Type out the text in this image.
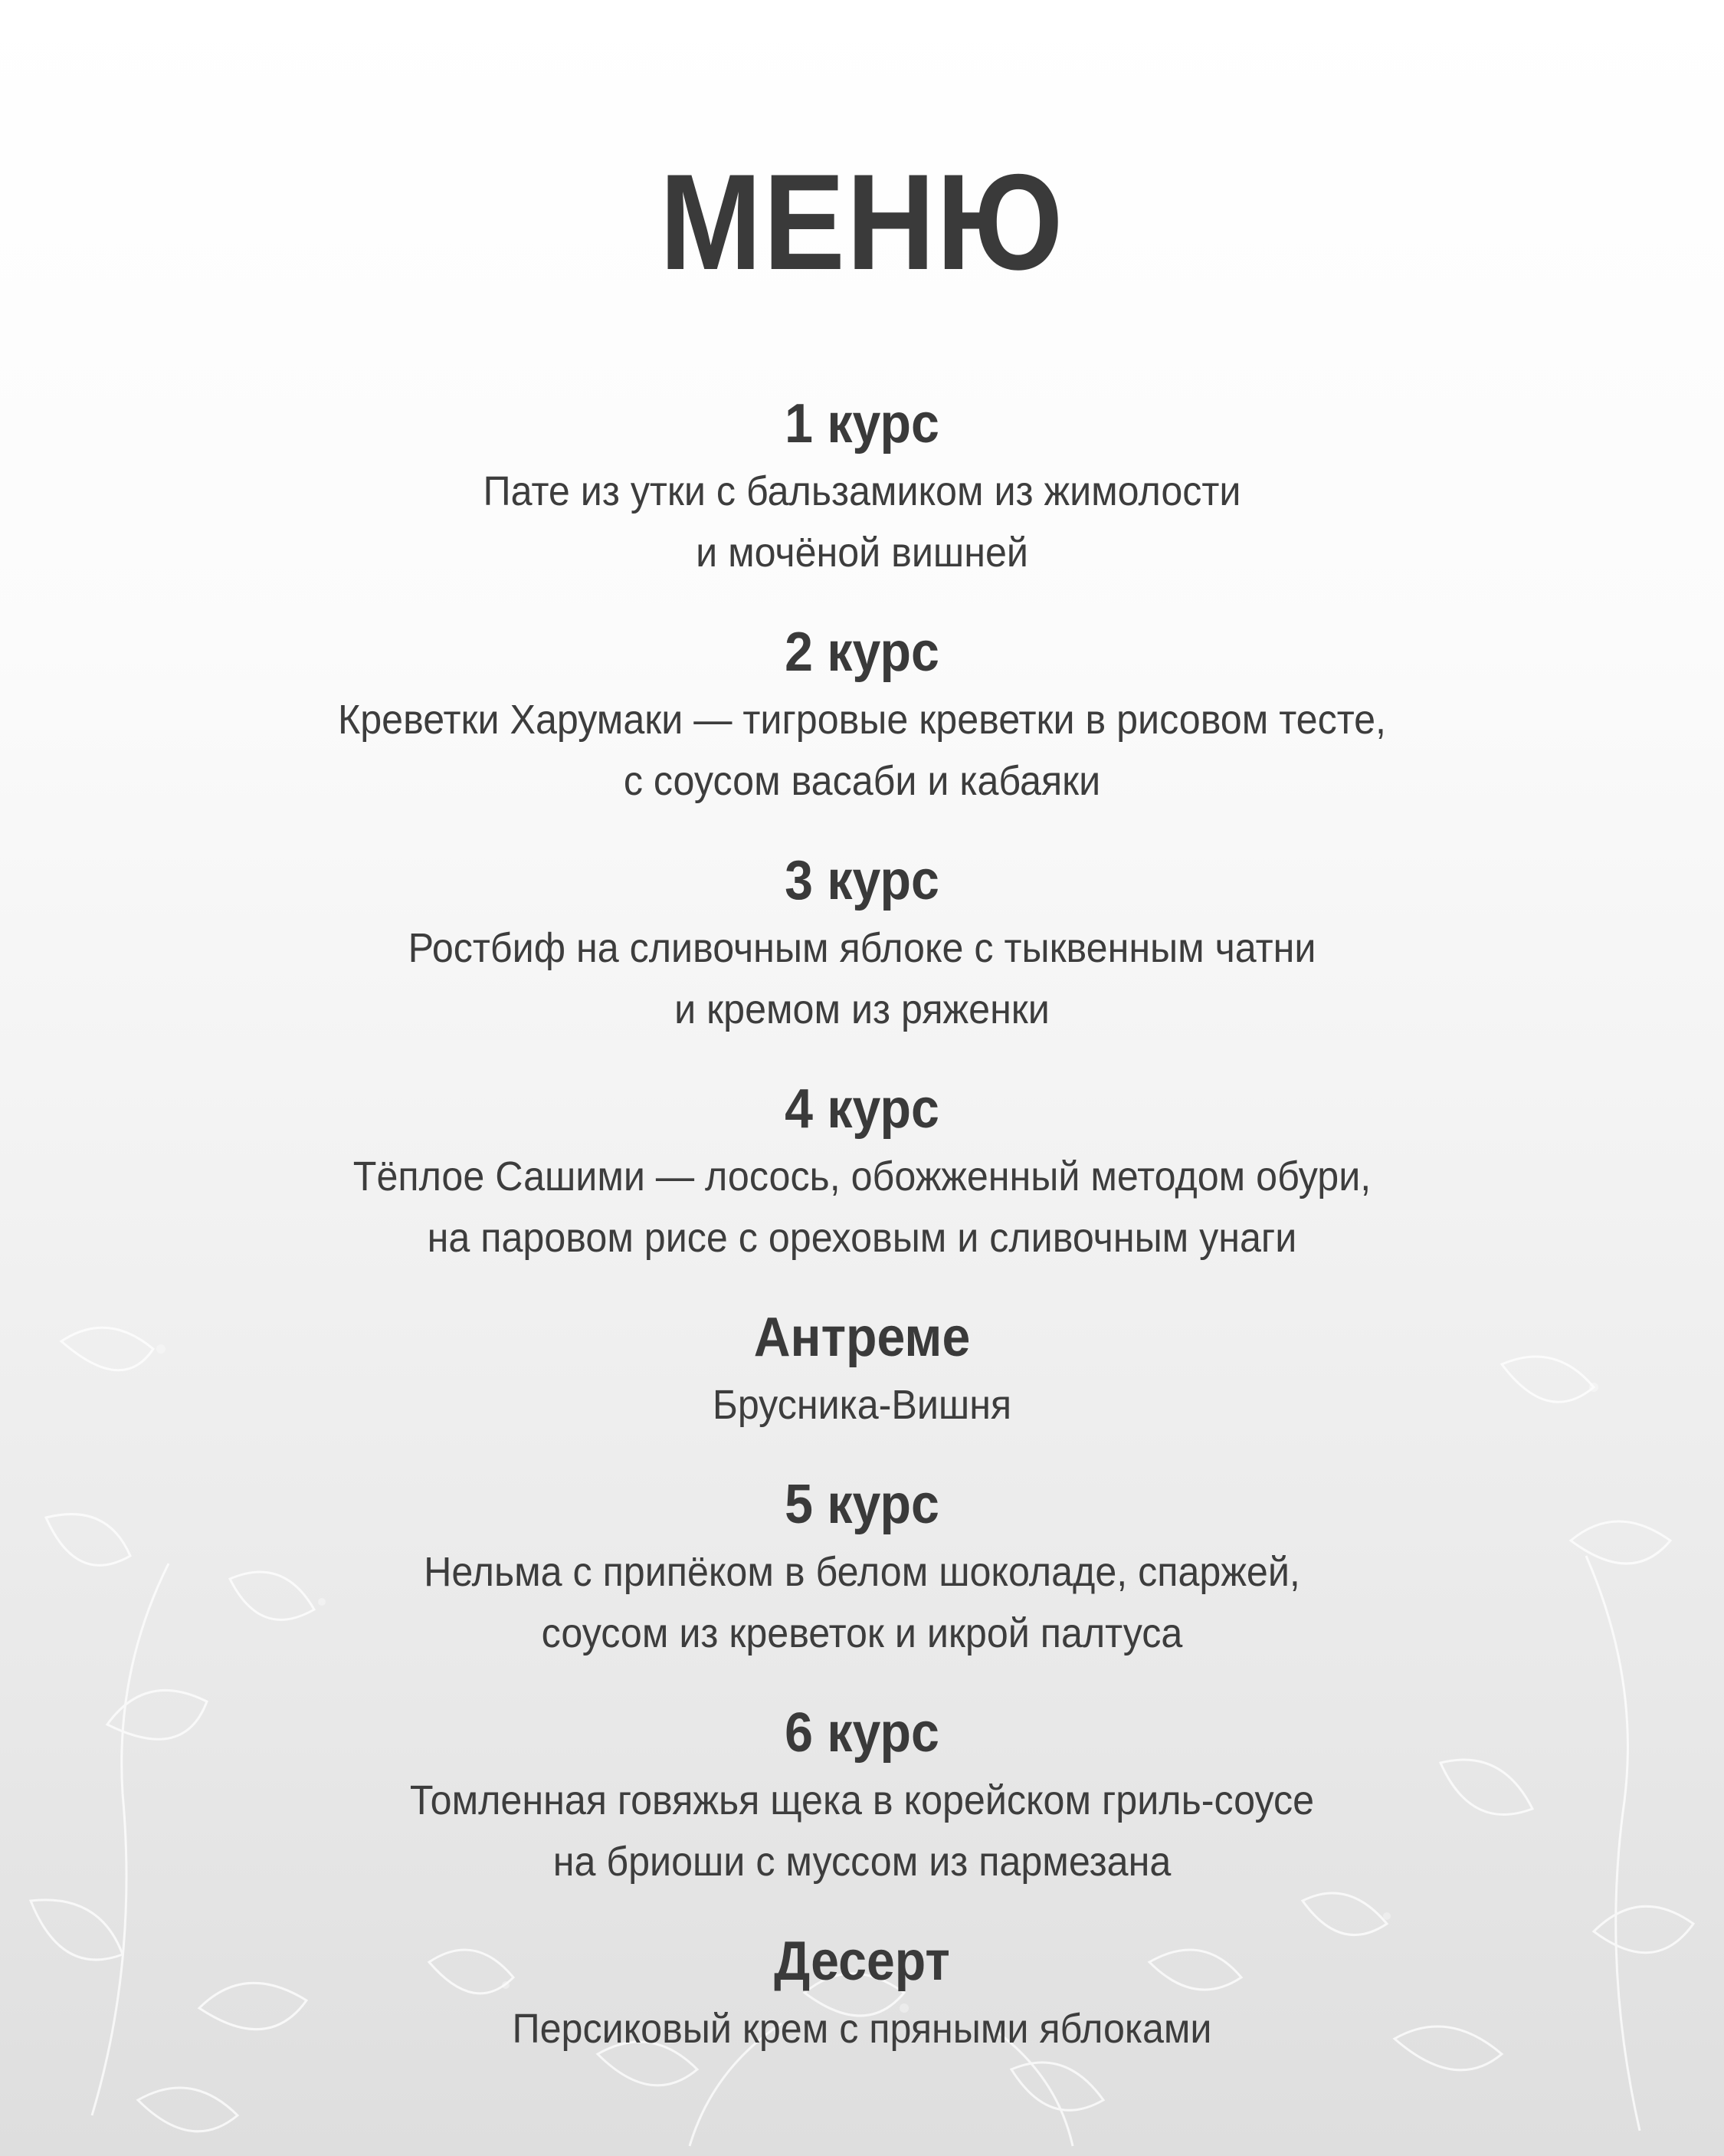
МЕНЮ
1 курс
Пате из утки с бальзамиком из жимолости
и мочёной вишней
2 курс
Креветки Харумаки — тигровые креветки в рисовом тесте,
с соусом васаби и кабаяки
3 курс
Ростбиф на сливочным яблоке с тыквенным чатни
и кремом из ряженки
4 курс
Тёплое Сашими — лосось, обожженный методом обури,
на паровом рисе с ореховым и сливочным унаги
Антреме
Брусника-Вишня
5 курс
Нельма с припёком в белом шоколаде, спаржей,
соусом из креветок и икрой палтуса
6 курс
Томленная говяжья щека в корейском гриль-соусе
на бриоши с муссом из пармезана
Десерт
Персиковый крем с пряными яблоками
